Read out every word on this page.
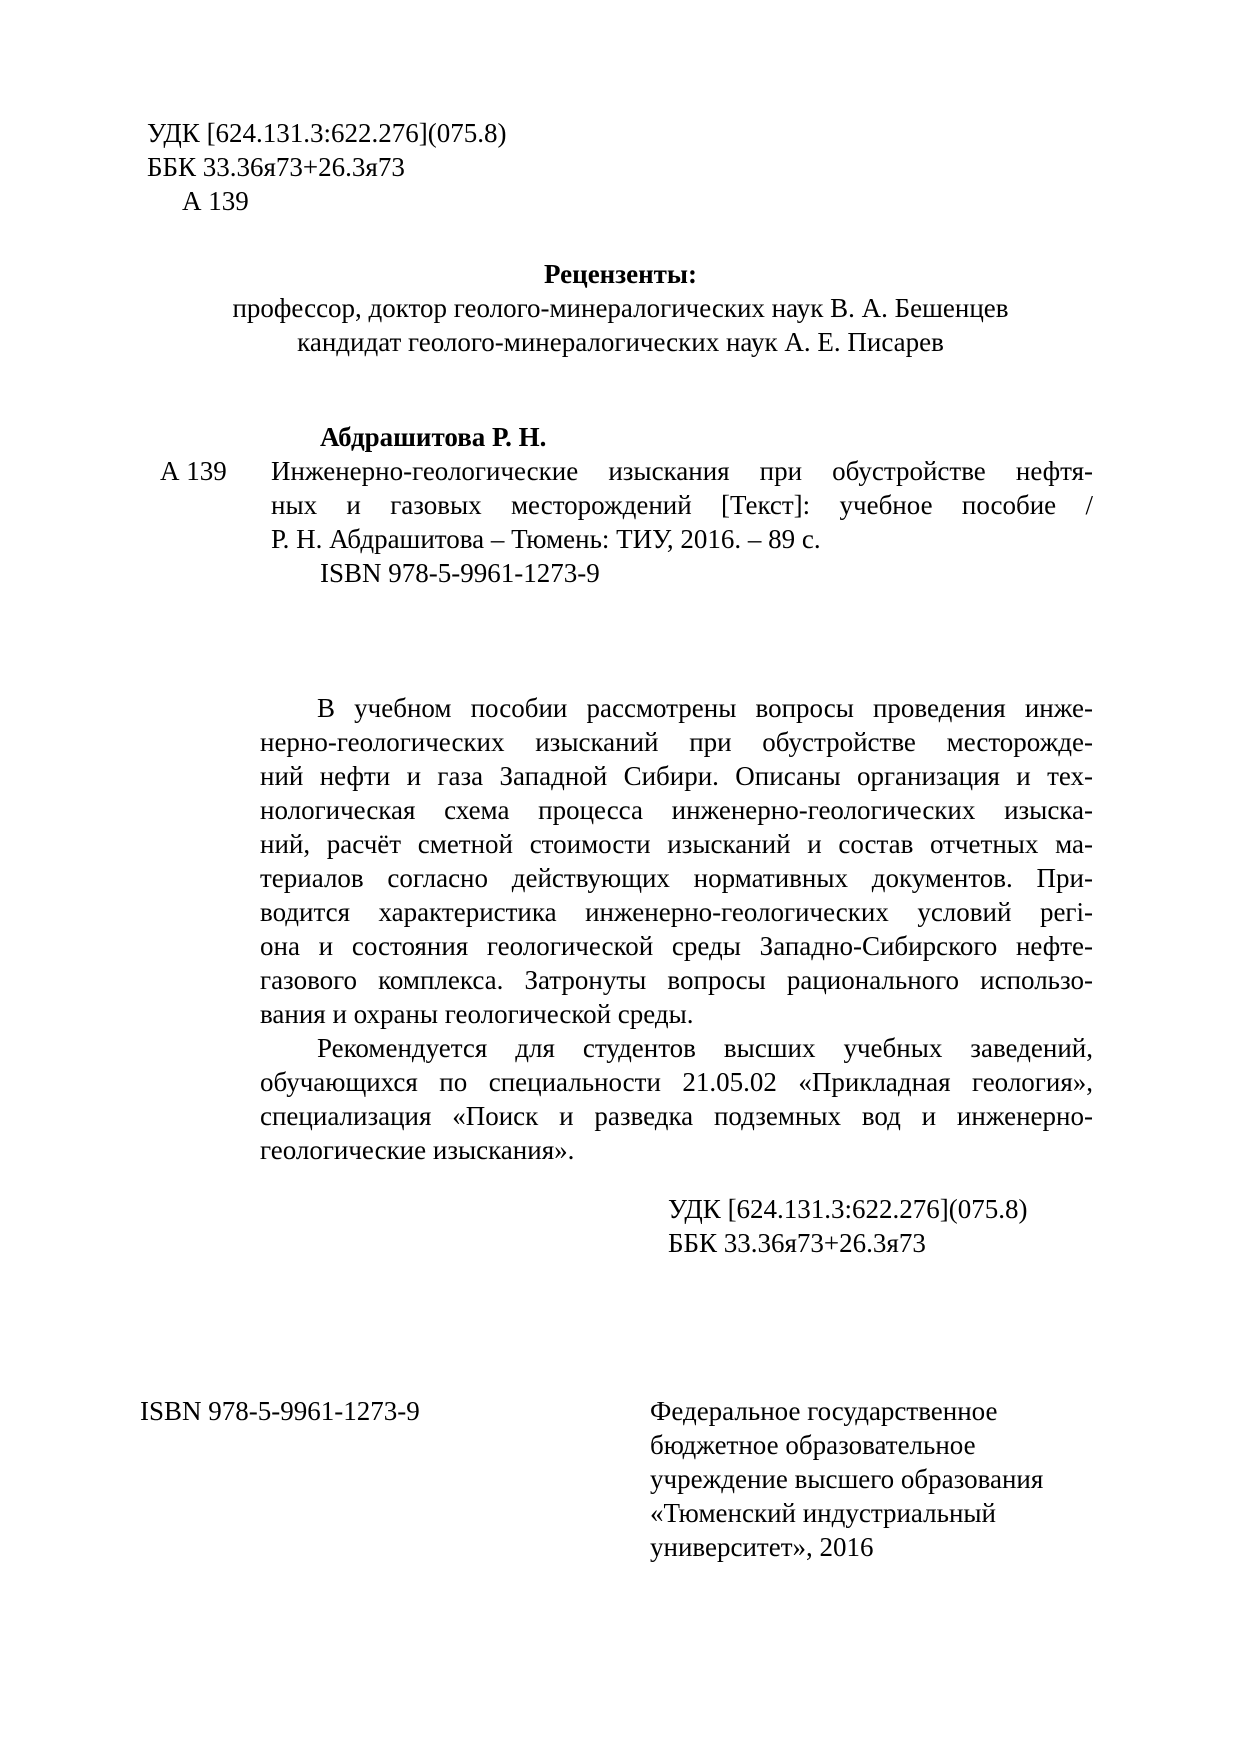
УДК [624.131.3:622.276](075.8)
ББК 33.36я73+26.3я73
А 139
Рецензенты:
профессор, доктор геолого-минералогических наук В. А. Бешенцев
кандидат геолого-минералогических наук А. Е. Писарев
Абдрашитова Р. Н.
А 139 Инженерно-геологические изыскания при обустройстве нефтя-
ных и газовых месторождений [Текст]: учебное пособие /
Р. Н. Абдрашитова – Тюмень: ТИУ, 2016. – 89 с.
ISBN 978-5-9961-1273-9
В учебном пособии рассмотрены вопросы проведения инже-
нерно-геологических изысканий при обустройстве месторожде-
ний нефти и газа Западной Сибири. Описаны организация и тех-
нологическая схема процесса инженерно-геологических изыска-
ний, расчёт сметной стоимости изысканий и состав отчетных ма-
териалов согласно действующих нормативных документов. При-
водится характеристика инженерно-геологических условий регi-
она и состояния геологической среды Западно-Сибирского нефте-
газового комплекса. Затронуты вопросы рационального использо-
вания и охраны геологической среды.
Рекомендуется для студентов высших учебных заведений,
обучающихся по специальности 21.05.02 «Прикладная геология»,
специализация «Поиск и разведка подземных вод и инженерно-
геологические изыскания».
УДК [624.131.3:622.276](075.8)
ББК 33.36я73+26.3я73
ISBN 978-5-9961-1273-9	Федеральное государственное
бюджетное образовательное
учреждение высшего образования
«Тюменский индустриальный
университет», 2016
